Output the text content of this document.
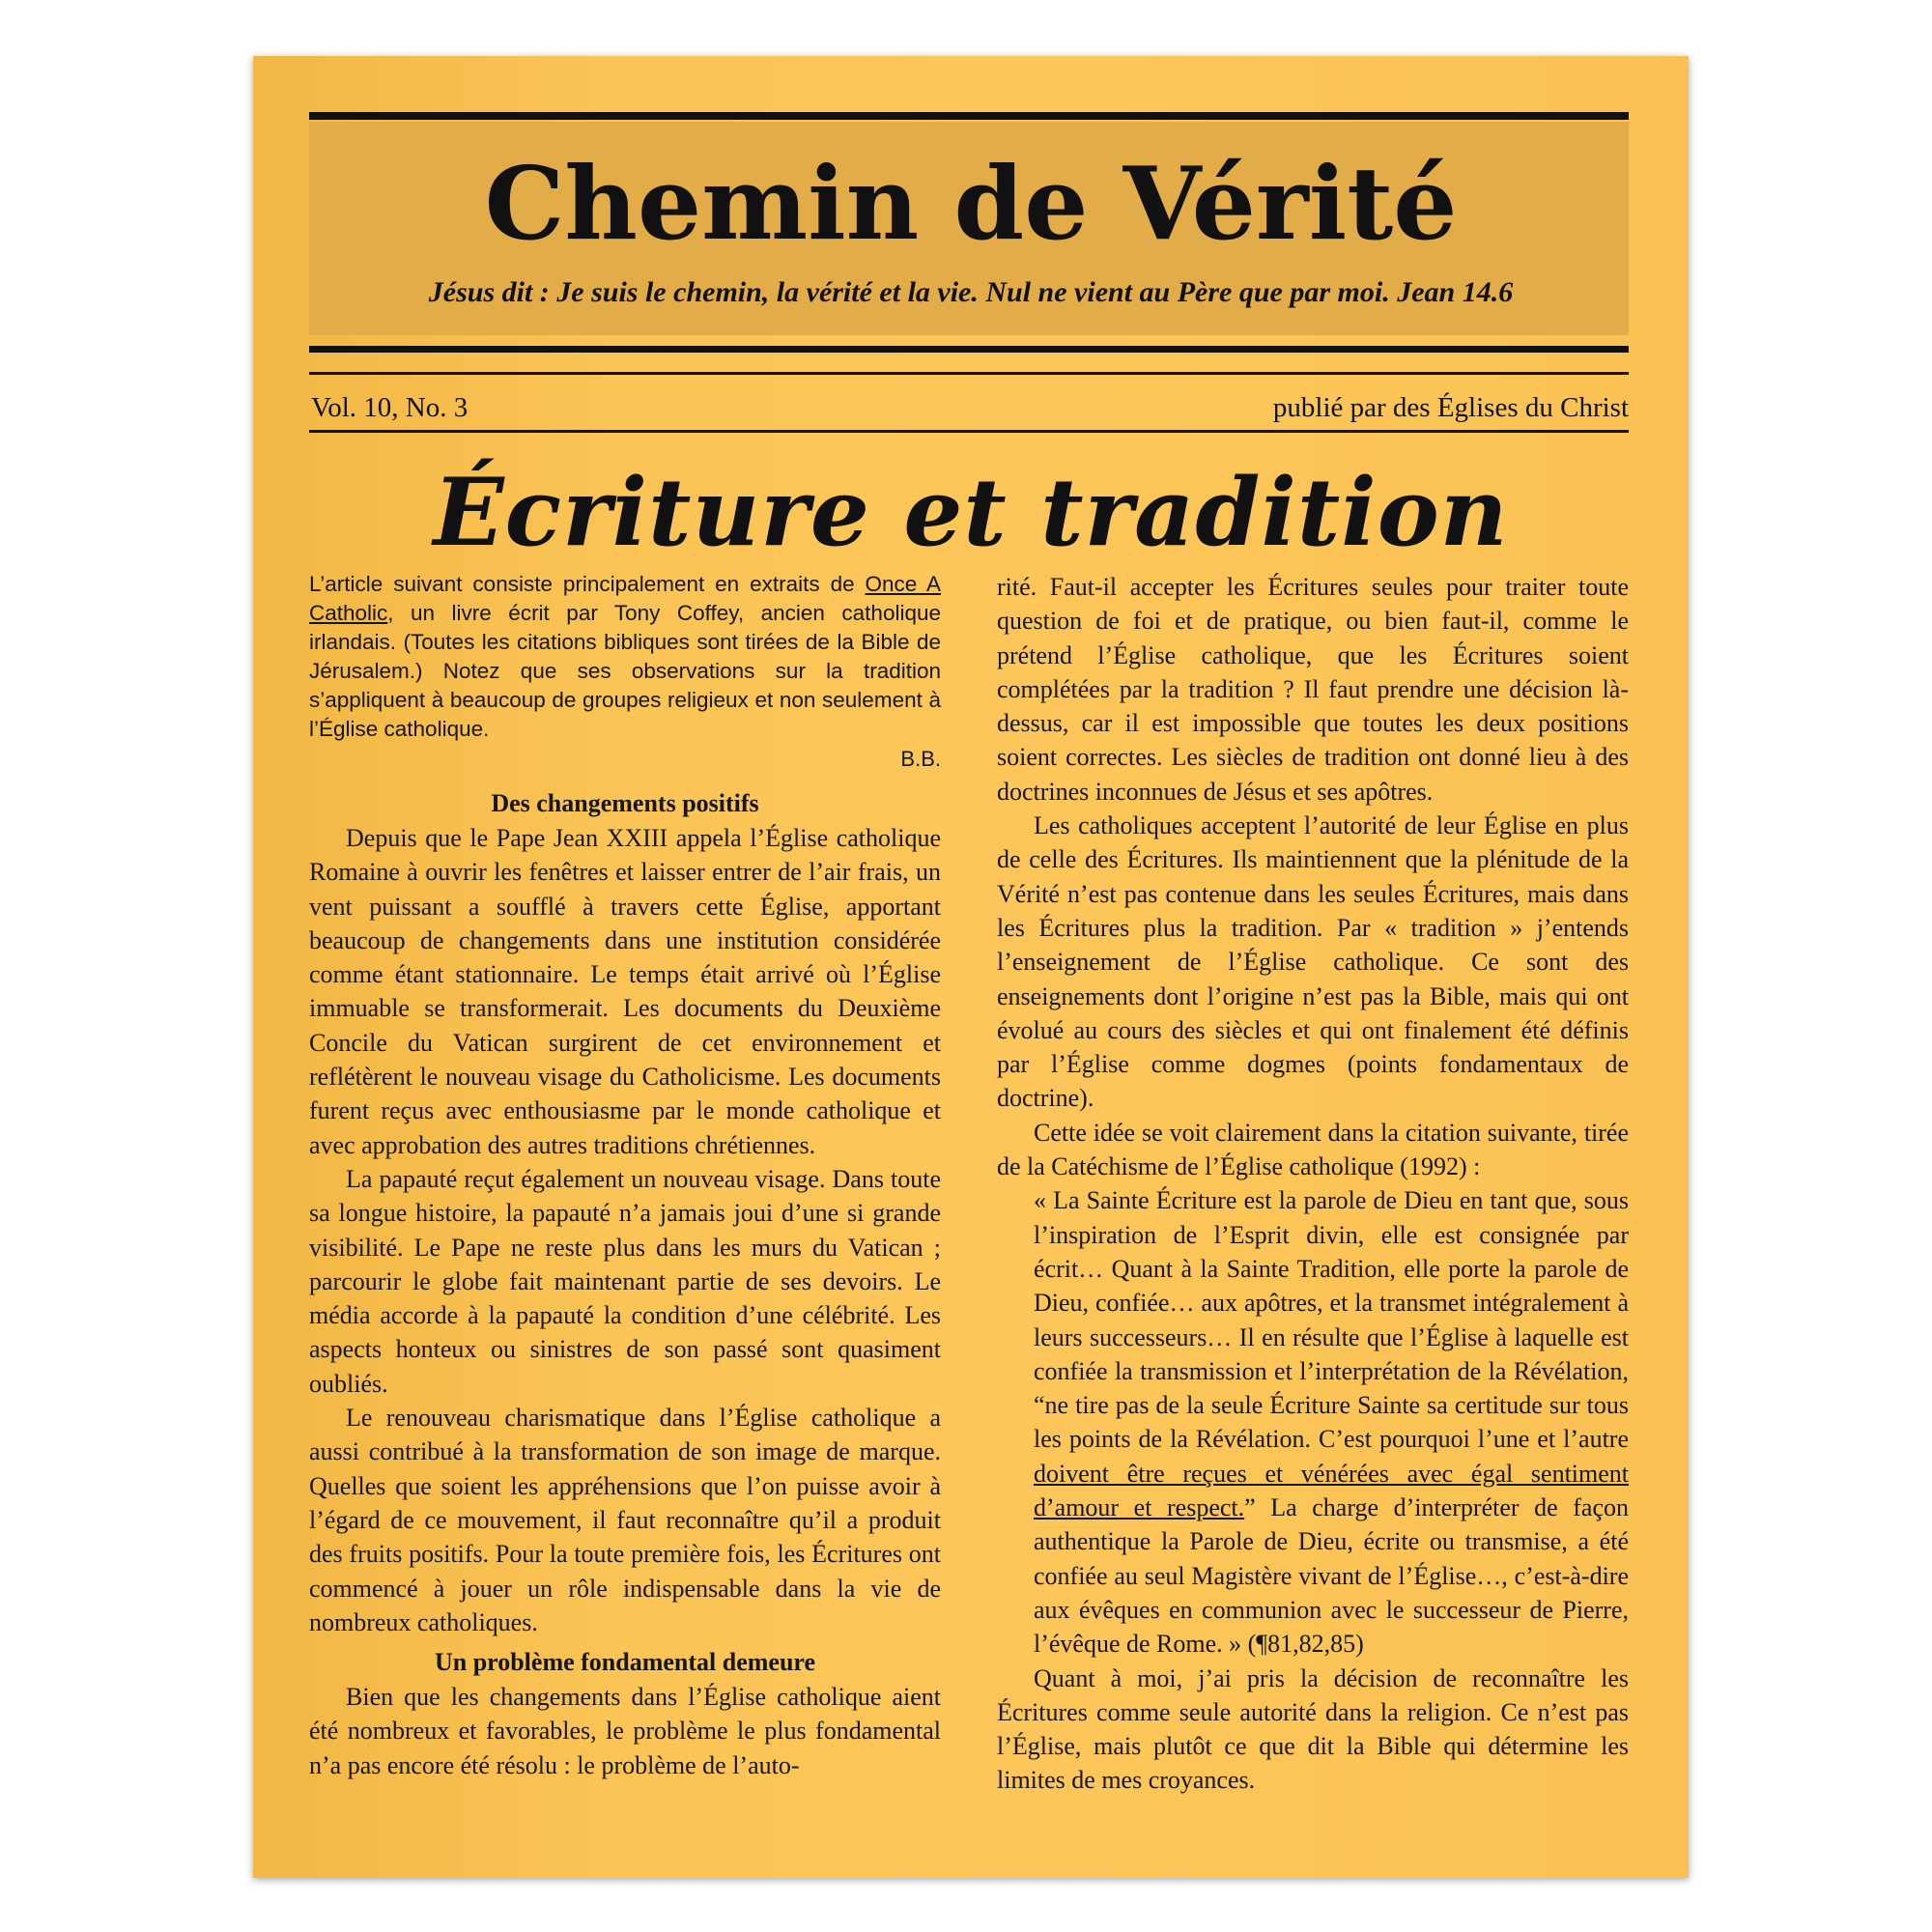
Chemin de Vérité
Jésus dit : Je suis le chemin, la vérité et la vie. Nul ne vient au Père que par moi. Jean 14.6
Vol. 10, No. 3	publié par des Églises du Christ
Écriture et tradition

L’article suivant consiste principalement en extraits de Once A Catholic, un livre écrit par Tony Coffey, ancien catholique irlandais. (Toutes les citations bibliques sont tirées de la Bible de Jérusalem.) Notez que ses observations sur la tradition s’appliquent à beaucoup de groupes religieux et non seulement à l’Église catholique.

B.B.
Des changements positifs

Depuis que le Pape Jean XXIII appela l’Église catholique Romaine à ouvrir les fenêtres et laisser entrer de l’air frais, un vent puissant a soufflé à travers cette Église, apportant beaucoup de changements dans une institution considérée comme étant stationnaire. Le temps était arrivé où l’Église immuable se transformerait. Les documents du Deuxième Concile du Vatican surgirent de cet environnement et reflétèrent le nouveau visage du Catholicisme. Les documents furent reçus avec enthousiasme par le monde catholique et avec approbation des autres traditions chrétiennes.

La papauté reçut également un nouveau visage. Dans toute sa longue histoire, la papauté n’a jamais joui d’une si grande visibilité. Le Pape ne reste plus dans les murs du Vatican ; parcourir le globe fait maintenant partie de ses devoirs. Le média accorde à la papauté la condition d’une célébrité. Les aspects honteux ou sinistres de son passé sont quasiment oubliés.

Le renouveau charismatique dans l’Église catholique a aussi contribué à la transformation de son image de marque. Quelles que soient les appréhensions que l’on puisse avoir à l’égard de ce mouvement, il faut reconnaître qu’il a produit des fruits positifs. Pour la toute première fois, les Écritures ont commencé à jouer un rôle indispensable dans la vie de nombreux catholiques.

Un problème fondamental demeure

Bien que les changements dans l’Église catholique aient été nombreux et favorables, le problème le plus fondamental n’a pas encore été résolu : le problème de l’auto-

rité. Faut-il accepter les Écritures seules pour traiter toute question de foi et de pratique, ou bien faut-il, comme le prétend l’Église catholique, que les Écritures soient complétées par la tradition ? Il faut prendre une décision là-dessus, car il est impossible que toutes les deux positions soient correctes. Les siècles de tradition ont donné lieu à des doctrines inconnues de Jésus et ses apôtres.

Les catholiques acceptent l’autorité de leur Église en plus de celle des Écritures. Ils maintiennent que la plénitude de la Vérité n’est pas contenue dans les seules Écritures, mais dans les Écritures plus la tradition. Par « tradition » j’entends l’enseignement de l’Église catholique. Ce sont des enseignements dont l’origine n’est pas la Bible, mais qui ont évolué au cours des siècles et qui ont finalement été définis par l’Église comme dogmes (points fondamentaux de doctrine).

Cette idée se voit clairement dans la citation suivante, tirée de la Catéchisme de l’Église catholique (1992) :

« La Sainte Écriture est la parole de Dieu en tant que, sous l’inspiration de l’Esprit divin, elle est consignée par écrit… Quant à la Sainte Tradition, elle porte la parole de Dieu, confiée… aux apôtres, et la transmet intégralement à leurs successeurs… Il en résulte que l’Église à laquelle est confiée la transmission et l’interprétation de la Révélation, “ne tire pas de la seule Écriture Sainte sa certitude sur tous les points de la Révélation. C’est pourquoi l’une et l’autre doivent être reçues et vénérées avec égal sentiment d’amour et respect.” La charge d’interpréter de façon authentique la Parole de Dieu, écrite ou transmise, a été confiée au seul Magistère vivant de l’Église…, c’est-à-dire aux évêques en communion avec le successeur de Pierre, l’évêque de Rome. » (¶81,82,85)

Quant à moi, j’ai pris la décision de reconnaître les Écritures comme seule autorité dans la religion. Ce n’est pas l’Église, mais plutôt ce que dit la Bible qui détermine les limites de mes croyances.
